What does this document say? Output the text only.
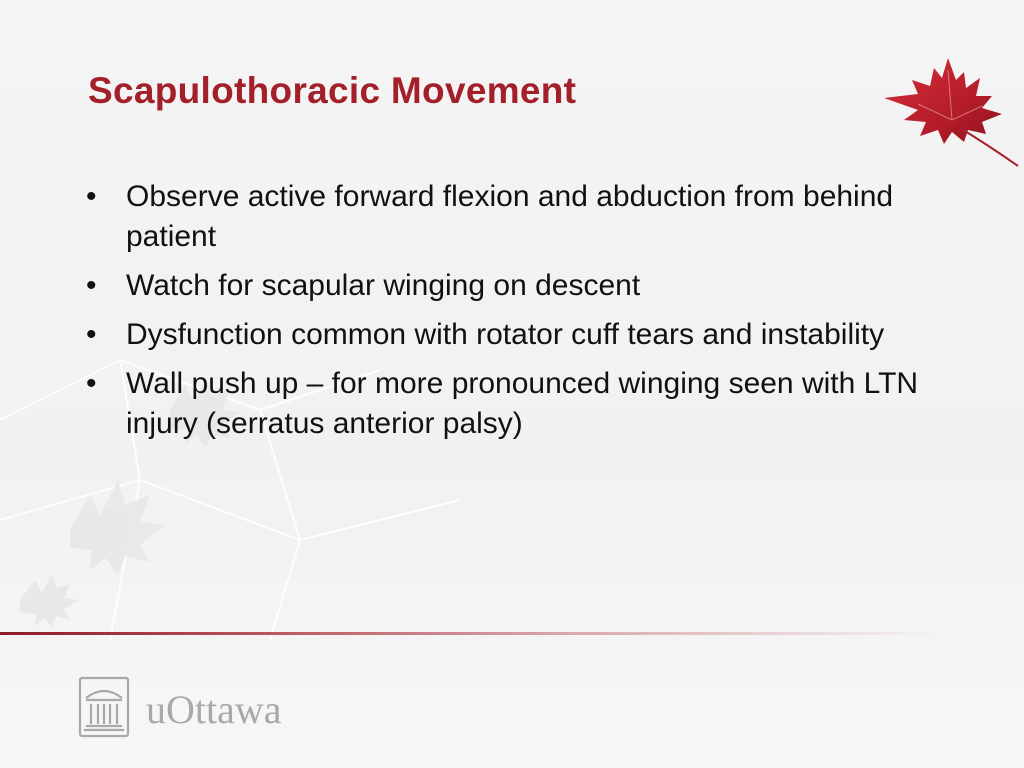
Scapulothoracic Movement
• Observe active forward flexion and abduction from behind patient
• Watch for scapular winging on descent
• Dysfunction common with rotator cuff tears and instability
• Wall push up – for more pronounced winging seen with LTN injury (serratus anterior palsy)
uOttawa
